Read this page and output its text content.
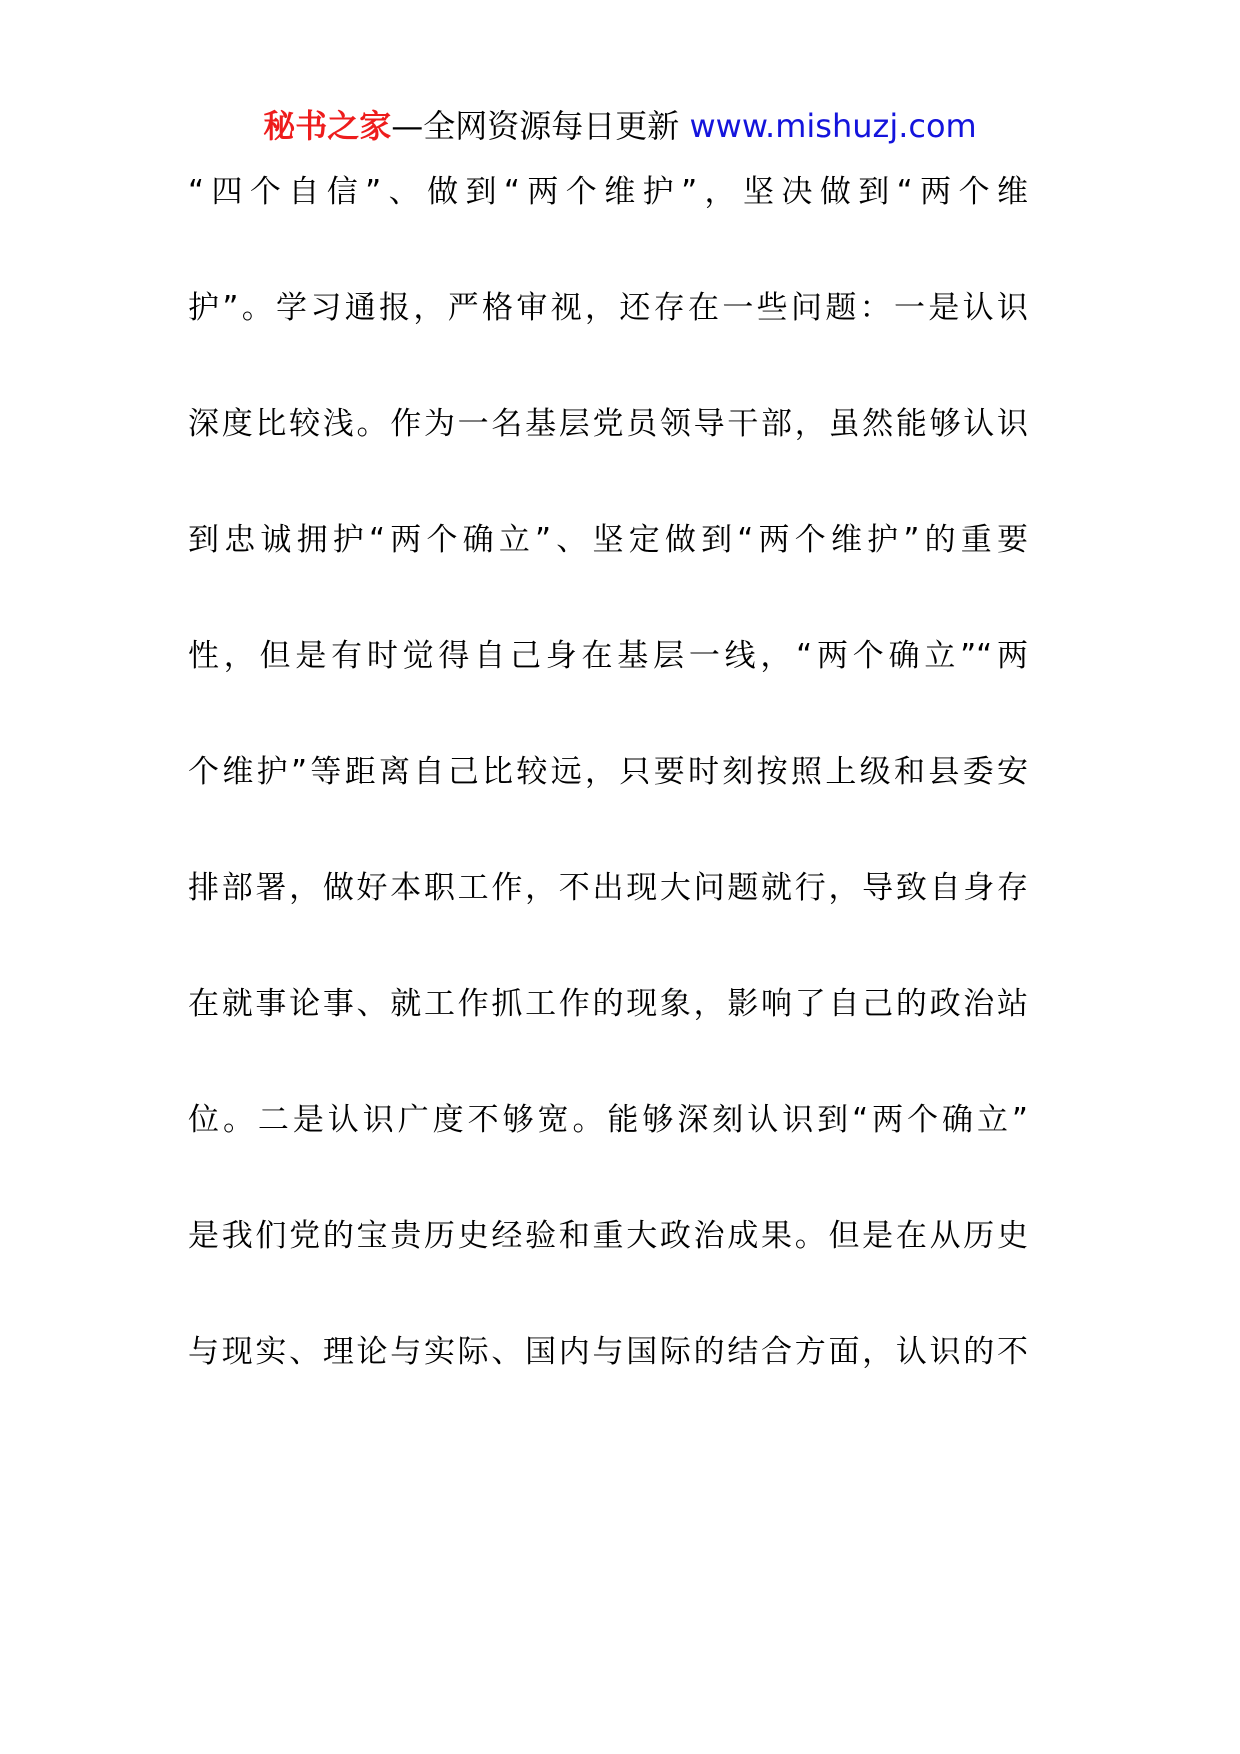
秘书之家—全网资源每日更新 www.mishuzj.com
“四个自信”、做到“两个维护”，坚决做到“两个维
护”。学习通报，严格审视，还存在一些问题：一是认识
深度比较浅。作为一名基层党员领导干部，虽然能够认识
到忠诚拥护“两个确立”、坚定做到“两个维护”的重要
性，但是有时觉得自己身在基层一线，“两个确立”“两
个维护”等距离自己比较远，只要时刻按照上级和县委安
排部署，做好本职工作，不出现大问题就行，导致自身存
在就事论事、就工作抓工作的现象，影响了自己的政治站
位。二是认识广度不够宽。能够深刻认识到“两个确立”
是我们党的宝贵历史经验和重大政治成果。但是在从历史
与现实、理论与实际、国内与国际的结合方面，认识的不
